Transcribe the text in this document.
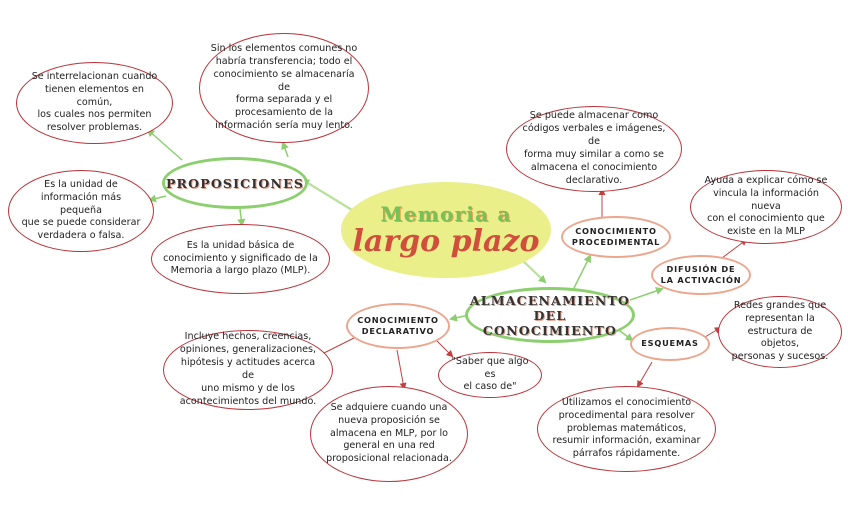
Memoria a
largo plazo
PROPOSICIONES
Se interrelacionan cuando
tienen elementos en común,
los cuales nos permiten
resolver problemas.
Sin los elementos comunes no
habría transferencia; todo el
conocimiento se almacenaría de
forma separada y el
procesamiento de la
información sería muy lento.
Es la unidad de
información más pequeña
que se puede considerar
verdadera o falsa.
Es la unidad básica de
conocimiento y significado de la
Memoria a largo plazo (MLP).
ALMACENAMIENTO
DEL CONOCIMIENTO
CONOCIMIENTO
PROCEDIMENTAL
Se puede almacenar como
códigos verbales e imágenes, de
forma muy similar a como se
almacena el conocimiento
declarativo.
DIFUSIÓN DE
LA ACTIVACIÓN
Ayuda a explicar cómo se
vincula la información nueva
con el conocimiento que
existe en la MLP
ESQUEMAS
Redes grandes que
representan la
estructura de objetos,
personas y sucesos.
Utilizamos el conocimiento
procedimental para resolver
problemas matemáticos,
resumir información, examinar
párrafos rápidamente.
CONOCIMIENTO
DECLARATIVO
Incluye hechos, creencias,
opiniones, generalizaciones,
hipótesis y actitudes acerca de
uno mismo y de los
acontecimientos del mundo.
"Saber que algo es
el caso de"
Se adquiere cuando una
nueva proposición se
almacena en MLP, por lo
general en una red
proposicional relacionada.
